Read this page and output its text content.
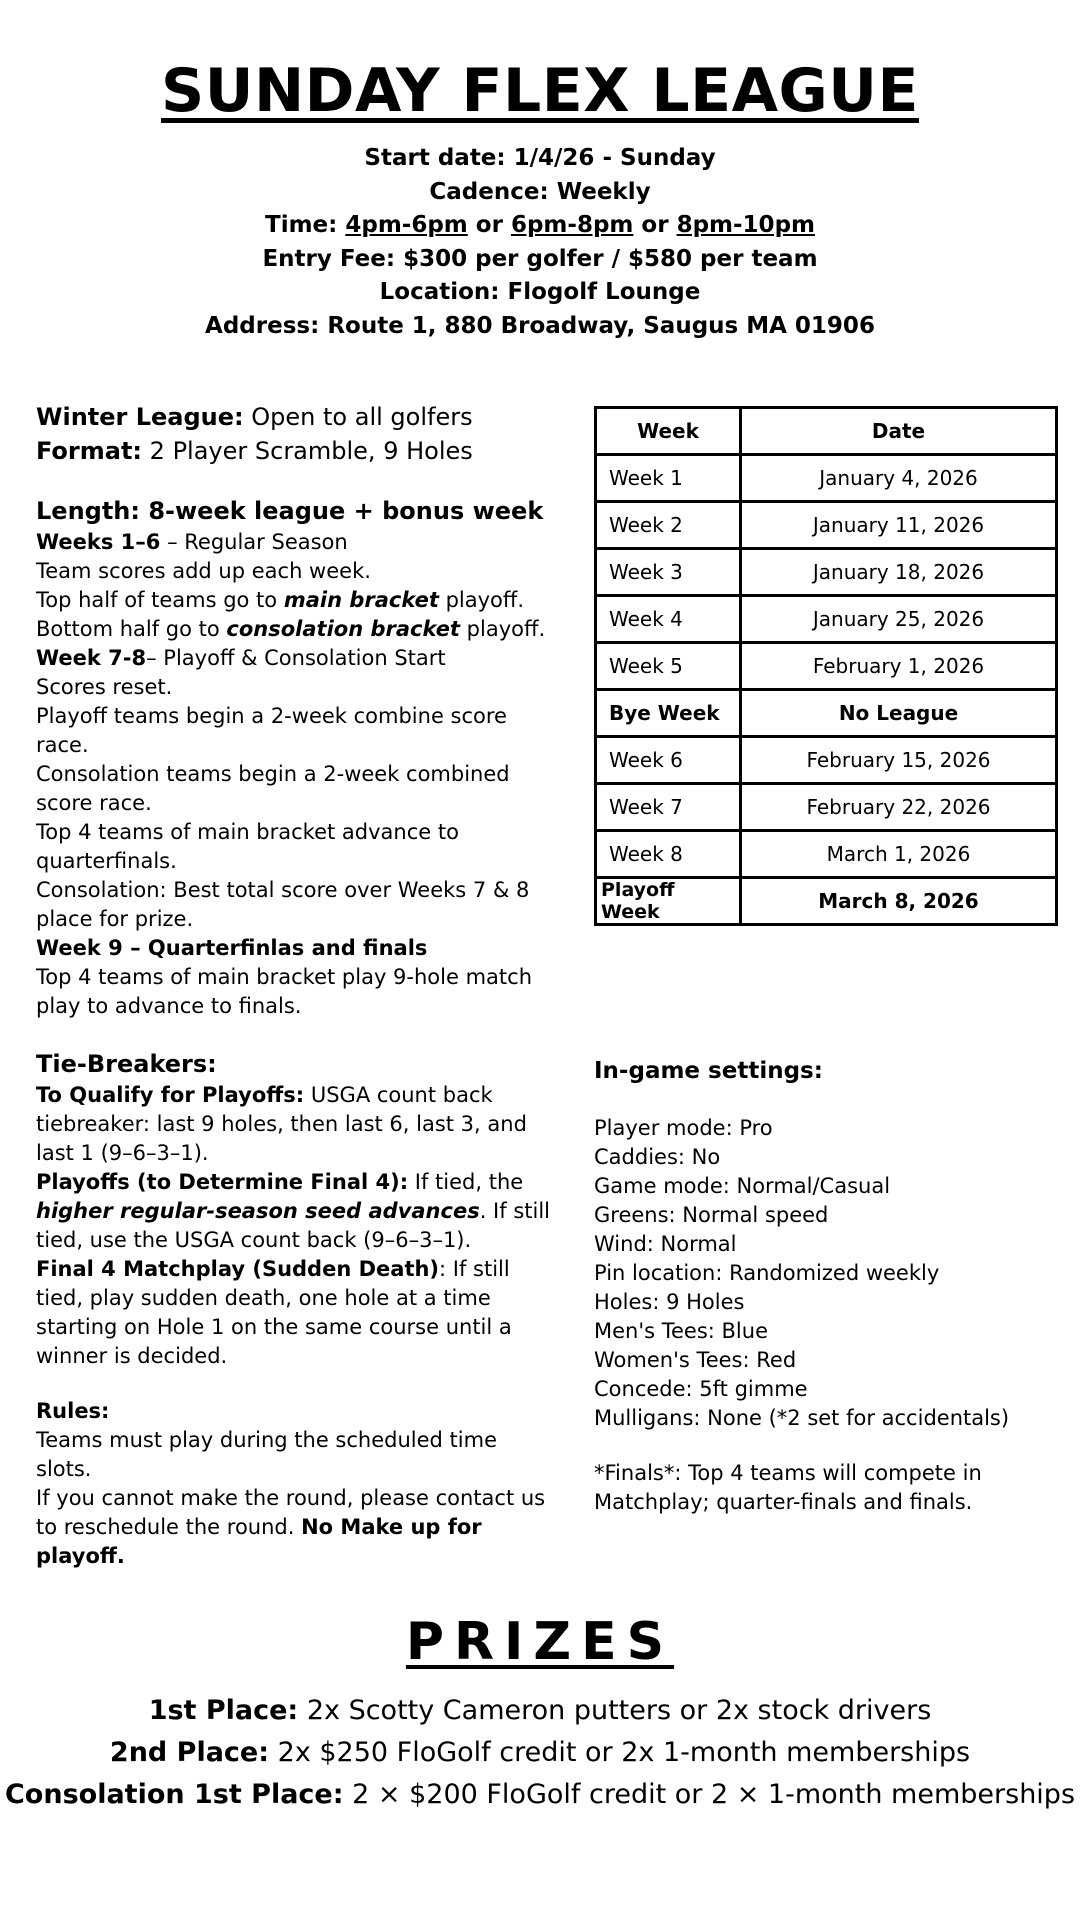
SUNDAY FLEX LEAGUE
Start date: 1/4/26 - Sunday
Cadence: Weekly
Time: 4pm-6pm or 6pm-8pm or 8pm-10pm
Entry Fee: $300 per golfer / $580 per team
Location: Flogolf Lounge
Address: Route 1, 880 Broadway, Saugus MA 01906
Winter League: Open to all golfers
Format: 2 Player Scramble, 9 Holes
Length: 8-week league + bonus week
Weeks 1–6 – Regular Season
Team scores add up each week.
Top half of teams go to main bracket playoff.
Bottom half go to consolation bracket playoff.
Week 7-8– Playoff & Consolation Start
Scores reset.
Playoff teams begin a 2-week combine score race.
Consolation teams begin a 2-week combined score race.
Top 4 teams of main bracket advance to quarterfinals.
Consolation: Best total score over Weeks 7 & 8 place for prize.
Week 9 – Quarterfinlas and finals
Top 4 teams of main bracket play 9-hole match play to advance to finals.
Tie-Breakers:
To Qualify for Playoffs: USGA count back tiebreaker: last 9 holes, then last 6, last 3, and last 1 (9–6–3–1).
Playoffs (to Determine Final 4): If tied, the higher regular-season seed advances. If still tied, use the USGA count back (9–6–3–1).
Final 4 Matchplay (Sudden Death): If still tied, play sudden death, one hole at a time starting on Hole 1 on the same course until a winner is decided.
Rules:
Teams must play during the scheduled time slots.
If you cannot make the round, please contact us to reschedule the round. No Make up for playoff.
Week	Date
Week 1	January 4, 2026
Week 2	January 11, 2026
Week 3	January 18, 2026
Week 4	January 25, 2026
Week 5	February 1, 2026
Bye Week	No League
Week 6	February 15, 2026
Week 7	February 22, 2026
Week 8	March 1, 2026
Playoff Week	March 8, 2026
In-game settings:
Player mode: Pro
Caddies: No
Game mode: Normal/Casual
Greens: Normal speed
Wind: Normal
Pin location: Randomized weekly
Holes: 9 Holes
Men's Tees: Blue
Women's Tees: Red
Concede: 5ft gimme
Mulligans: None (*2 set for accidentals)
*Finals*: Top 4 teams will compete in Matchplay; quarter-finals and finals.
PRIZES
1st Place: 2x Scotty Cameron putters or 2x stock drivers
2nd Place: 2x $250 FloGolf credit or 2x 1-month memberships
Consolation 1st Place: 2 × $200 FloGolf credit or 2 × 1-month memberships
